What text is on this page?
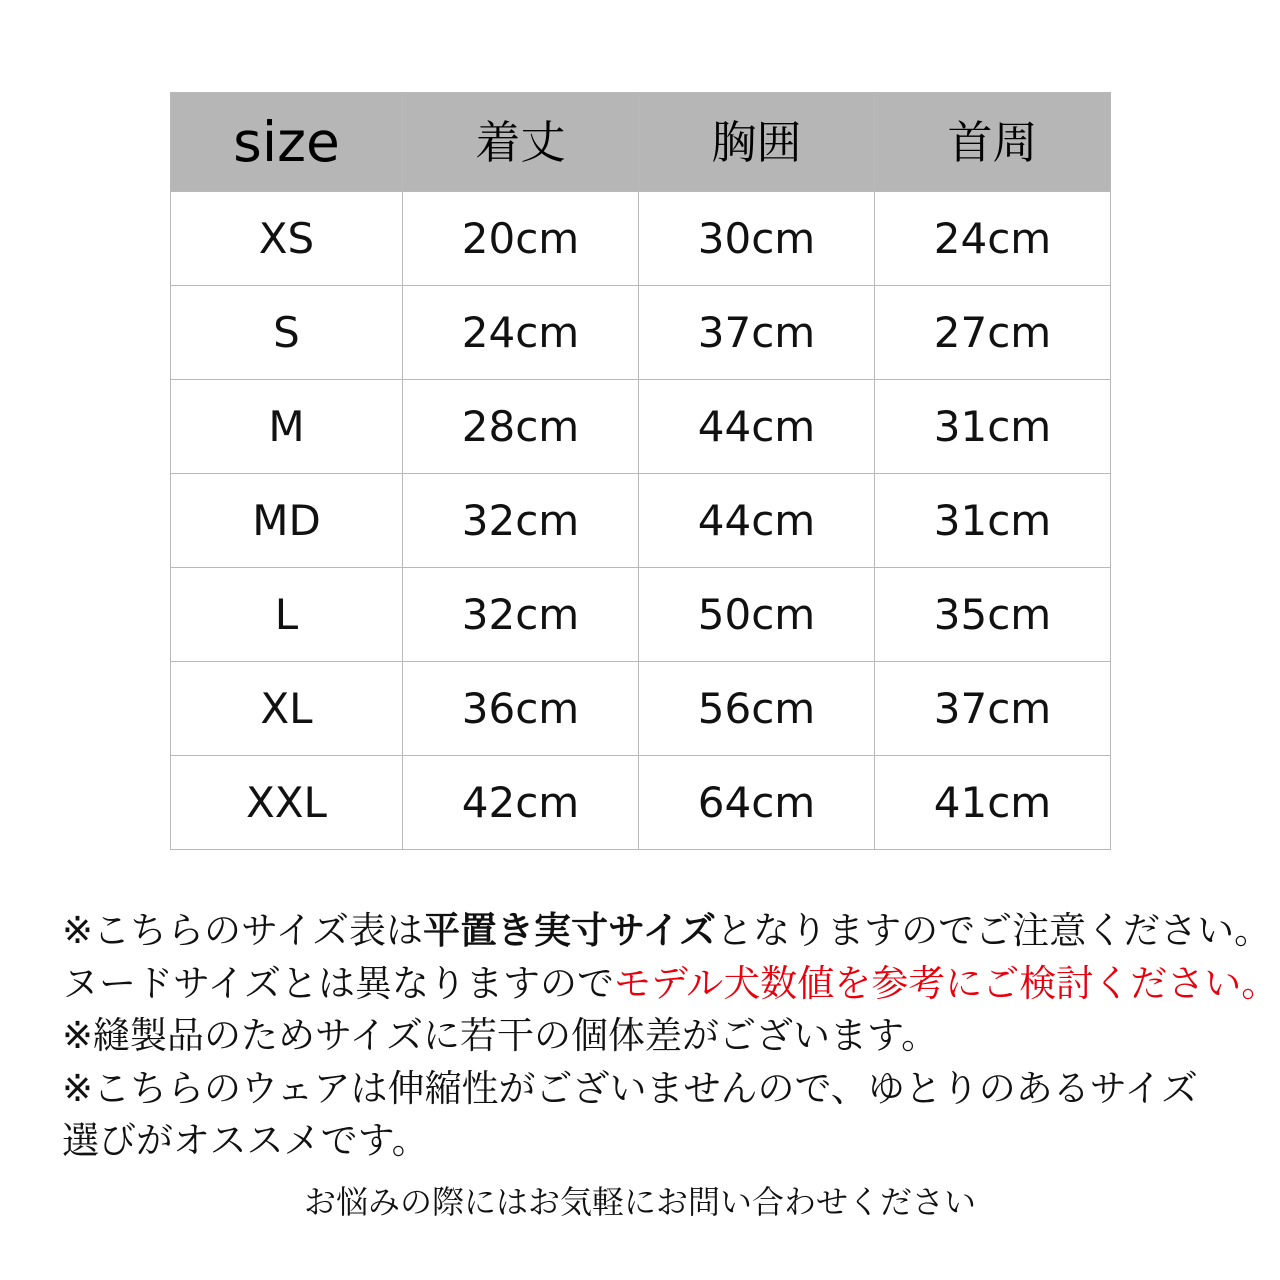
size	着丈	胸囲	首周
XS	20cm	30cm	24cm
S	24cm	37cm	27cm
M	28cm	44cm	31cm
MD	32cm	44cm	31cm
L	32cm	50cm	35cm
XL	36cm	56cm	37cm
XXL	42cm	64cm	41cm
※こちらのサイズ表は平置き実寸サイズとなりますのでご注意ください。
ヌードサイズとは異なりますのでモデル犬数値を参考にご検討ください。
※縫製品のためサイズに若干の個体差がございます。
※こちらのウェアは伸縮性がございませんので、ゆとりのあるサイズ選びがオススメです。
お悩みの際にはお気軽にお問い合わせください
